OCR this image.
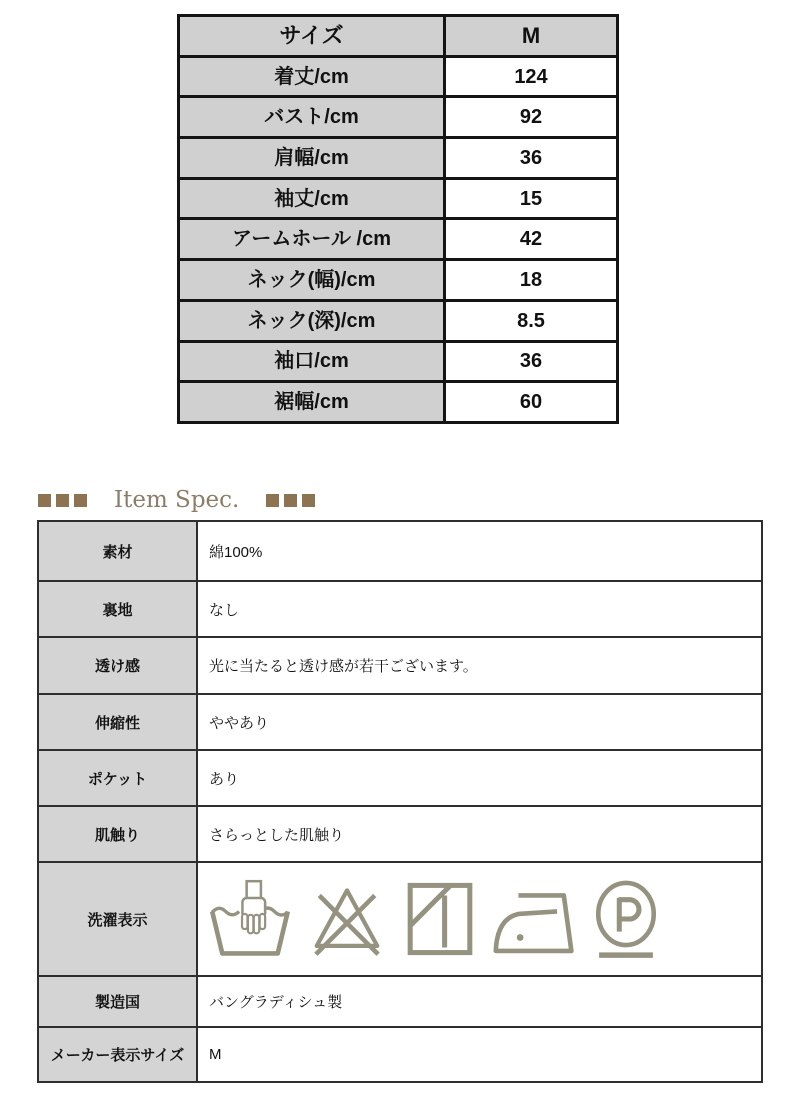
サイズ	M
着丈/cm	124
バスト/cm	92
肩幅/cm	36
袖丈/cm	15
アームホール /cm	42
ネック(幅)/cm	18
ネック(深)/cm	8.5
袖口/cm	36
裾幅/cm	60
Item Spec.
素材	綿100%
裏地	なし
透け感	光に当たると透け感が若干ございます。
伸縮性	ややあり
ポケット	あり
肌触り	さらっとした肌触り
洗濯表示
製造国	バングラディシュ製
メーカー表示サイズ	M
